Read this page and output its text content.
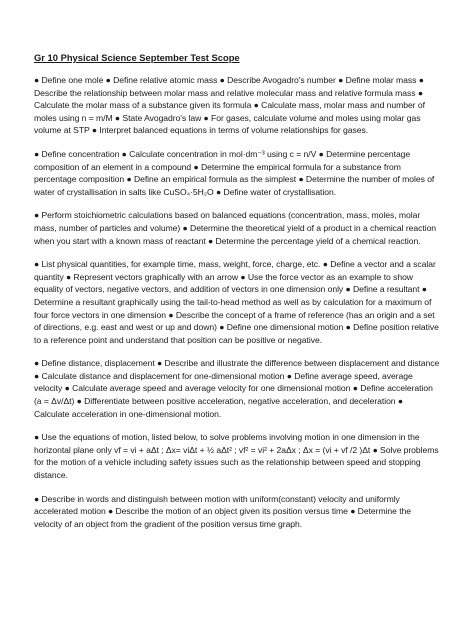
Gr 10 Physical Science September Test Scope

● Define one mole ● Define relative atomic mass ● Describe Avogadro's number ● Define molar mass ● Describe the relationship between molar mass and relative molecular mass and relative formula mass ● Calculate the molar mass of a substance given its formula ● Calculate mass, molar mass and number of moles using n = m/M ● State Avogadro's law ● For gases, calculate volume and moles using molar gas volume at STP ● Interpret balanced equations in terms of volume relationships for gases.

● Define concentration ● Calculate concentration in mol·dm⁻³ using c = n/V ● Determine percentage composition of an element in a compound ● Determine the empirical formula for a substance from percentage composition ● Define an empirical formula as the simplest ● Determine the number of moles of water of crystallisation in salts like CuSO₄·5H₂O ● Define water of crystallisation.

● Perform stoichiometric calculations based on balanced equations (concentration, mass, moles, molar mass, number of particles and volume) ● Determine the theoretical yield of a product in a chemical reaction when you start with a known mass of reactant ● Determine the percentage yield of a chemical reaction.

● List physical quantities, for example time, mass, weight, force, charge, etc. ● Define a vector and a scalar quantity ● Represent vectors graphically with an arrow ● Use the force vector as an example to show equality of vectors, negative vectors, and addition of vectors in one dimension only ● Define a resultant ● Determine a resultant graphically using the tail-to-head method as well as by calculation for a maximum of four force vectors in one dimension ● Describe the concept of a frame of reference (has an origin and a set of directions, e.g. east and west or up and down) ● Define one dimensional motion ● Define position relative to a reference point and understand that position can be positive or negative.

● Define distance, displacement ● Describe and illustrate the difference between displacement and distance ● Calculate distance and displacement for one-dimensional motion ● Define average speed, average velocity ● Calculate average speed and average velocity for one dimensional motion ● Define acceleration (a = Δv/Δt) ● Differentiate between positive acceleration, negative acceleration, and deceleration ● Calculate acceleration in one-dimensional motion.

● Use the equations of motion, listed below, to solve problems involving motion in one dimension in the horizontal plane only vf = vi + aΔt ; Δx= viΔt + ½ aΔt² ; vf² = vi² + 2aΔx ; Δx = (vi + vf /2 )Δt ● Solve problems for the motion of a vehicle including safety issues such as the relationship between speed and stopping distance.

● Describe in words and distinguish between motion with uniform(constant) velocity and uniformly accelerated motion ● Describe the motion of an object given its position versus time ● Determine the velocity of an object from the gradient of the position versus time graph.
